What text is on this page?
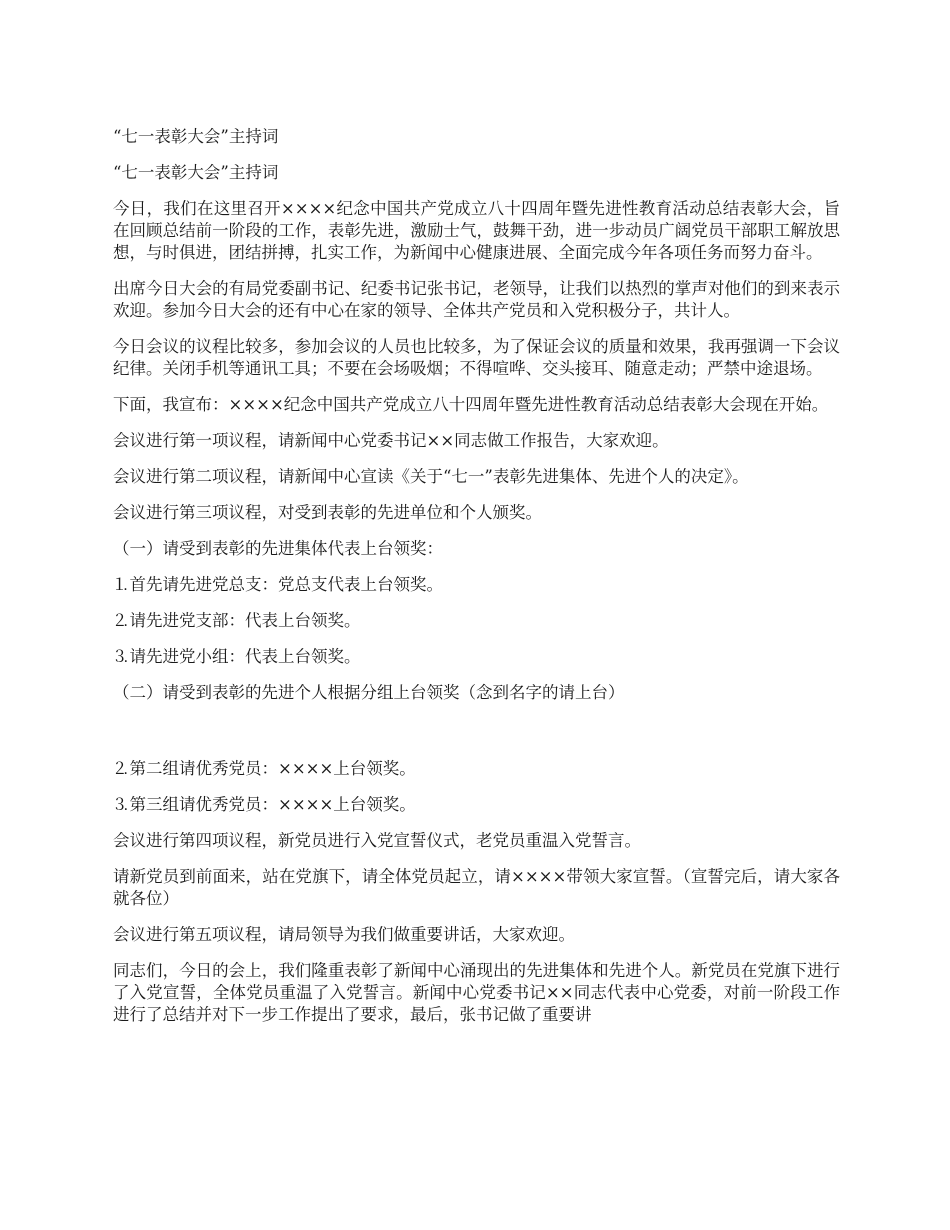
“七一表彰大会”主持词

“七一表彰大会”主持词

今日，我们在这里召开××××纪念中国共产党成立八十四周年暨先进性教育活动总结表彰大会，旨在回顾总结前一阶段的工作，表彰先进，激励士气，鼓舞干劲，进一步动员广阔党员干部职工解放思想，与时俱进，团结拼搏，扎实工作，为新闻中心健康进展、全面完成今年各项任务而努力奋斗。

出席今日大会的有局党委副书记、纪委书记张书记，老领导，让我们以热烈的掌声对他们的到来表示欢迎。参加今日大会的还有中心在家的领导、全体共产党员和入党积极分子，共计人。

今日会议的议程比较多，参加会议的人员也比较多，为了保证会议的质量和效果，我再强调一下会议纪律。关闭手机等通讯工具；不要在会场吸烟；不得喧哗、交头接耳、随意走动；严禁中途退场。

下面，我宣布：××××纪念中国共产党成立八十四周年暨先进性教育活动总结表彰大会现在开始。

会议进行第一项议程，请新闻中心党委书记××同志做工作报告，大家欢迎。

会议进行第二项议程，请新闻中心宣读《关于“七一”表彰先进集体、先进个人的决定》。

会议进行第三项议程，对受到表彰的先进单位和个人颁奖。

（一）请受到表彰的先进集体代表上台领奖：

⒈首先请先进党总支：党总支代表上台领奖。

⒉请先进党支部：代表上台领奖。

⒊请先进党小组：代表上台领奖。

（二）请受到表彰的先进个人根据分组上台领奖（念到名字的请上台）

⒉第二组请优秀党员：××××上台领奖。

⒊第三组请优秀党员：××××上台领奖。

会议进行第四项议程，新党员进行入党宣誓仪式，老党员重温入党誓言。

请新党员到前面来，站在党旗下，请全体党员起立，请××××带领大家宣誓。（宣誓完后，请大家各就各位）

会议进行第五项议程，请局领导为我们做重要讲话，大家欢迎。

同志们，今日的会上，我们隆重表彰了新闻中心涌现出的先进集体和先进个人。新党员在党旗下进行了入党宣誓，全体党员重温了入党誓言。新闻中心党委书记××同志代表中心党委，对前一阶段工作进行了总结并对下一步工作提出了要求，最后，张书记做了重要讲
